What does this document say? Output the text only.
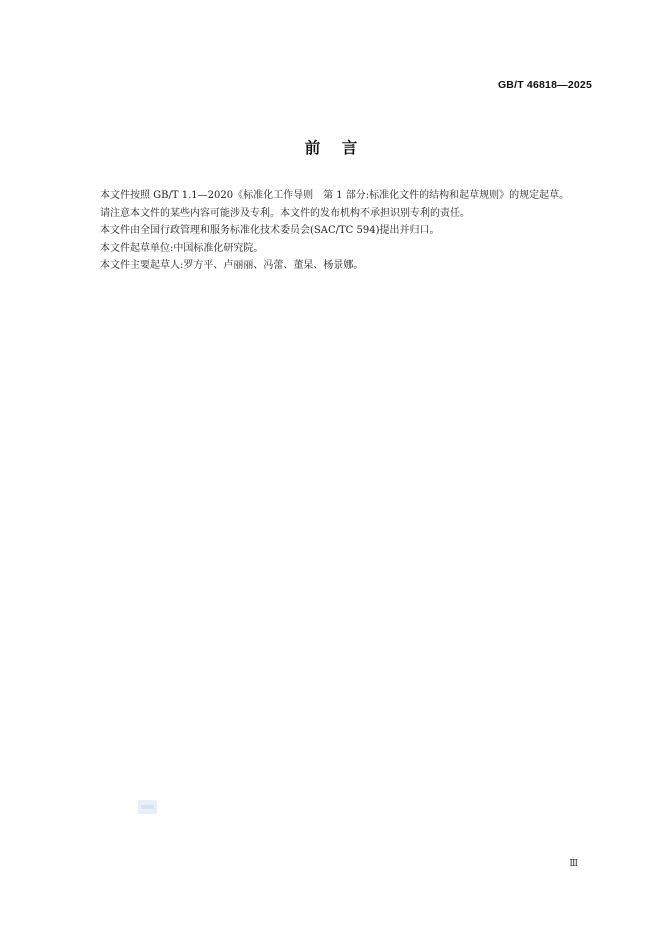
GB/T 46818—2025
前    言

本文件按照 GB/T 1.1—2020《标准化工作导则　第 1 部分:标准化文件的结构和起草规则》的规定起草。

请注意本文件的某些内容可能涉及专利。本文件的发布机构不承担识别专利的责任。

本文件由全国行政管理和服务标准化技术委员会(SAC/TC 594)提出并归口。

本文件起草单位:中国标准化研究院。

本文件主要起草人:罗方平、卢丽丽、冯蕾、董杲、杨景娜。

Ⅲ
